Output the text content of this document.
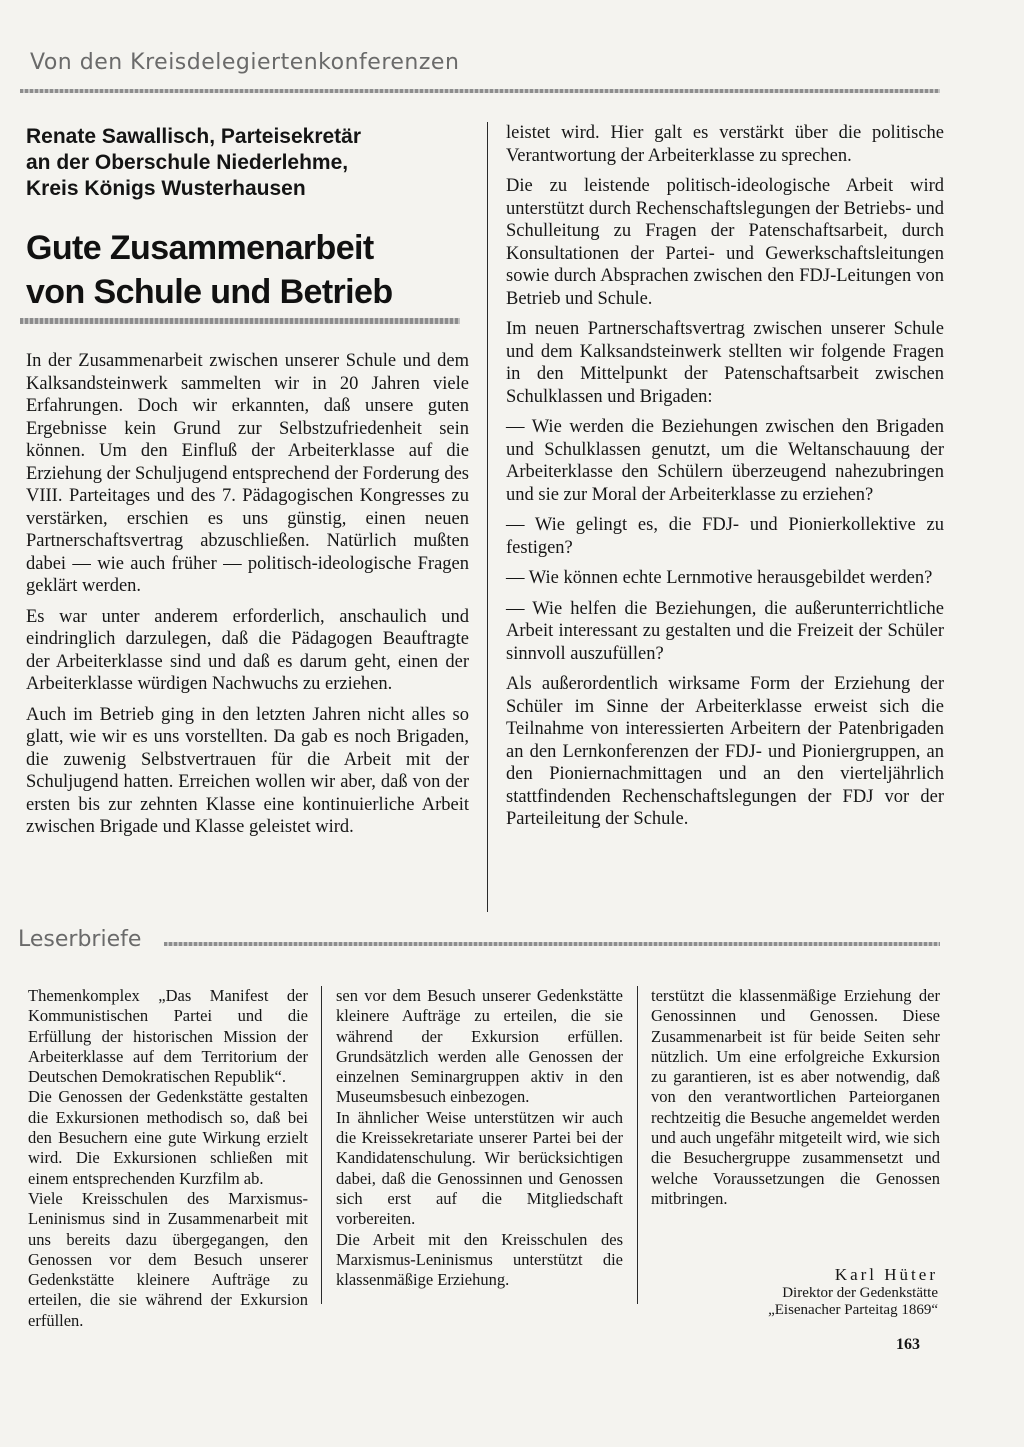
Von den Kreisdelegiertenkonferenzen
Renate Sawallisch, Parteisekretär
an der Oberschule Niederlehme,
Kreis Königs Wusterhausen
Gute Zusammenarbeit
von Schule und Betrieb

In der Zusammenarbeit zwischen unserer Schule und dem Kalksandsteinwerk sammelten wir in 20 Jahren viele Erfahrungen. Doch wir erkannten, daß unsere guten Ergebnisse kein Grund zur Selbstzufriedenheit sein können. Um den Einfluß der Arbeiterklasse auf die Erziehung der Schuljugend entsprechend der Forderung des VIII. Parteitages und des 7. Pädagogischen Kongresses zu verstärken, erschien es uns günstig, einen neuen Partnerschaftsvertrag abzuschließen. Natürlich mußten dabei — wie auch früher — politisch-ideologische Fragen geklärt werden.

Es war unter anderem erforderlich, anschaulich und eindringlich darzulegen, daß die Pädagogen Beauftragte der Arbeiterklasse sind und daß es darum geht, einen der Arbeiterklasse würdigen Nachwuchs zu erziehen.

Auch im Betrieb ging in den letzten Jahren nicht alles so glatt, wie wir es uns vorstellten. Da gab es noch Brigaden, die zuwenig Selbstvertrauen für die Arbeit mit der Schuljugend hatten. Erreichen wollen wir aber, daß von der ersten bis zur zehnten Klasse eine kontinuierliche Arbeit zwischen Brigade und Klasse geleistet wird.

leistet wird. Hier galt es verstärkt über die politische Verantwortung der Arbeiterklasse zu sprechen.

Die zu leistende politisch-ideologische Arbeit wird unterstützt durch Rechenschaftslegungen der Betriebs- und Schulleitung zu Fragen der Patenschaftsarbeit, durch Konsultationen der Partei- und Gewerkschaftsleitungen sowie durch Absprachen zwischen den FDJ-Leitungen von Betrieb und Schule.

Im neuen Partnerschaftsvertrag zwischen unserer Schule und dem Kalksandsteinwerk stellten wir folgende Fragen in den Mittelpunkt der Patenschaftsarbeit zwischen Schulklassen und Brigaden:

— Wie werden die Beziehungen zwischen den Brigaden und Schulklassen genutzt, um die Weltanschauung der Arbeiterklasse den Schülern überzeugend nahezubringen und sie zur Moral der Arbeiterklasse zu erziehen?

— Wie gelingt es, die FDJ- und Pionierkollektive zu festigen?

— Wie können echte Lernmotive herausgebildet werden?

— Wie helfen die Beziehungen, die außerunterrichtliche Arbeit interessant zu gestalten und die Freizeit der Schüler sinnvoll auszufüllen?

Als außerordentlich wirksame Form der Erziehung der Schüler im Sinne der Arbeiterklasse erweist sich die Teilnahme von interessierten Arbeitern der Patenbrigaden an den Lernkonferenzen der FDJ- und Pioniergruppen, an den Pioniernachmittagen und an den vierteljährlich stattfindenden Rechenschaftslegungen der FDJ vor der Parteileitung der Schule.

Leserbriefe

Themenkomplex „Das Manifest der Kommunistischen Partei und die Erfüllung der historischen Mission der Arbeiterklasse auf dem Territorium der Deutschen Demokratischen Republik“.

Die Genossen der Gedenkstätte gestalten die Exkursionen methodisch so, daß bei den Besuchern eine gute Wirkung erzielt wird. Die Exkursionen schließen mit einem entsprechenden Kurzfilm ab.

Viele Kreisschulen des Marxismus-Leninismus sind in Zusammenarbeit mit uns bereits dazu übergegangen, den Genossen vor dem Besuch unserer Gedenkstätte kleinere Aufträge zu erteilen, die sie während der Exkursion erfüllen.

sen vor dem Besuch unserer Gedenkstätte kleinere Aufträge zu erteilen, die sie während der Exkursion erfüllen. Grundsätzlich werden alle Genossen der einzelnen Seminargruppen aktiv in den Museumsbesuch einbezogen.

In ähnlicher Weise unterstützen wir auch die Kreissekretariate unserer Partei bei der Kandidatenschulung. Wir berücksichtigen dabei, daß die Genossinnen und Genossen sich erst auf die Mitgliedschaft vorbereiten.

Die Arbeit mit den Kreisschulen des Marxismus-Leninismus unterstützt die klassenmäßige Erziehung.

terstützt die klassenmäßige Erziehung der Genossinnen und Genossen. Diese Zusammenarbeit ist für beide Seiten sehr nützlich. Um eine erfolgreiche Exkursion zu garantieren, ist es aber notwendig, daß von den verantwortlichen Parteiorganen rechtzeitig die Besuche angemeldet werden und auch ungefähr mitgeteilt wird, wie sich die Besuchergruppe zusammensetzt und welche Voraussetzungen die Genossen mitbringen.

Karl Hüter
Direktor der Gedenkstätte
„Eisenacher Parteitag 1869“
163
